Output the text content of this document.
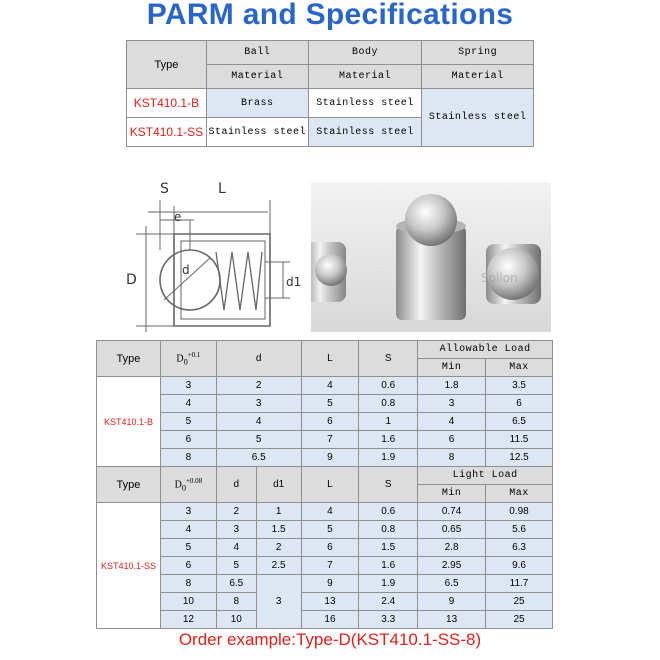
PARM and Specifications
Type	Ball	Body	Spring
	Material	Material	Material
KST410.1-B	Brass	Stainless steel	Stainless steel
KST410.1-SS	Stainless steel	Stainless steel	
S	L
e
D
d
d1	Sollon
Type	$D_0^{+0.1}$	d		L	S	Allowable Load	
						Min	Max
KST410.1-B	3	2		4	0.6	1.8	3.5
	4	3		5	0.8	3	6
	5	4		6	1	4	6.5
	6	5		7	1.6	6	11.5
	8	6.5		9	1.9	8	12.5
Type	$D_0^{+0.08}$	d	d1	L	S	Light Load	
						Min	Max
KST410.1-SS	3	2	1	4	0.6	0.74	0.98
	4	3	1.5	5	0.8	0.65	5.6
	5	4	2	6	1.5	2.8	6.3
	6	5	2.5	7	1.6	2.95	9.6
	8	6.5	3	9	1.9	6.5	11.7
	10	8		13	2.4	9	25
	12	10		16	3.3	13	25
Order example:Type-D(KST410.1-SS-8)
